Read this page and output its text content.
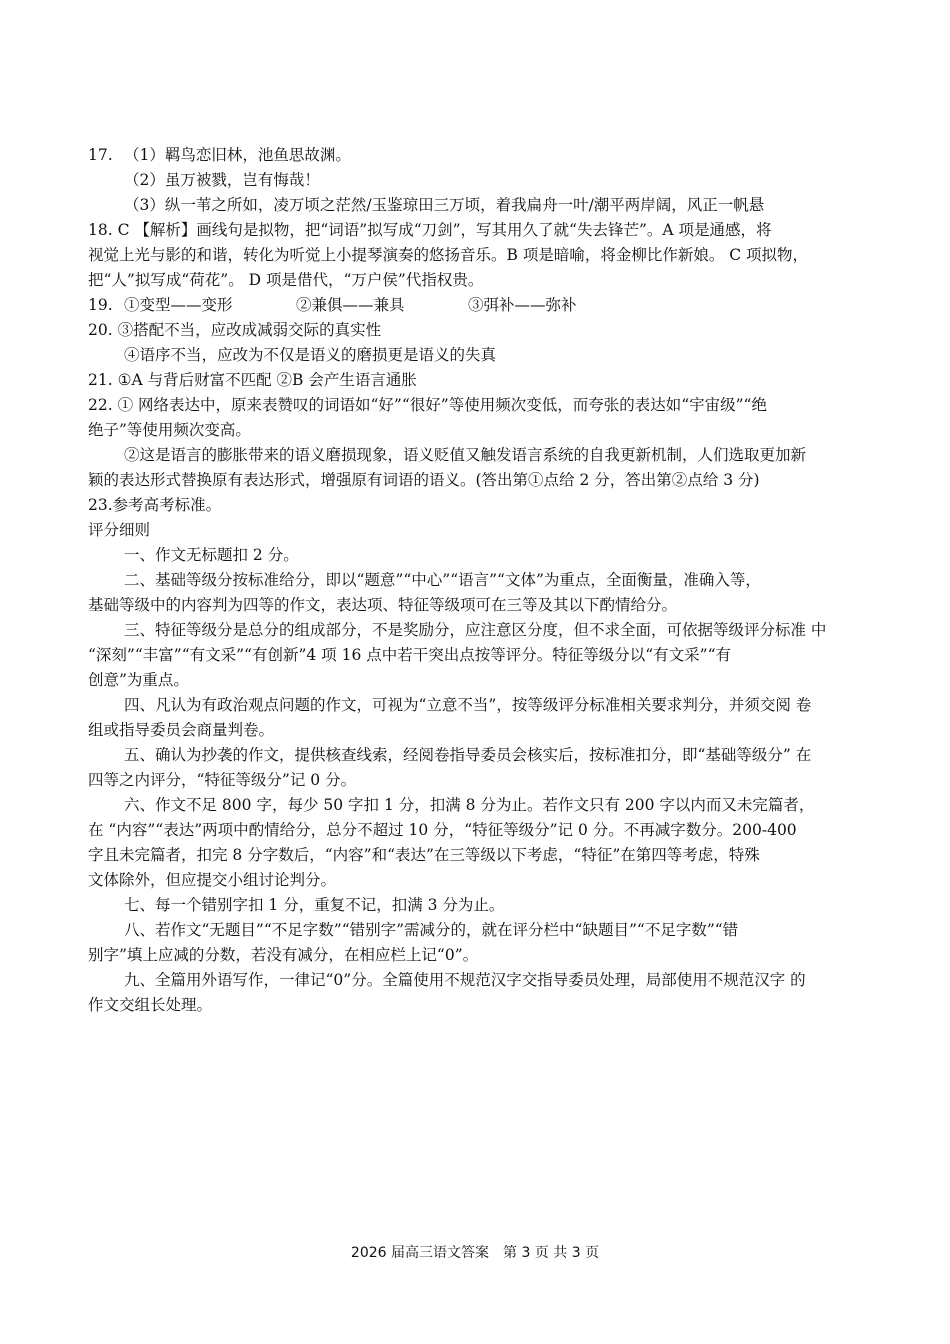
17. （1）羁鸟恋旧林，池鱼思故渊。

（2）虽万被戮，岂有悔哉！

（3）纵一苇之所如，凌万顷之茫然/玉鉴琼田三万顷，着我扁舟一叶/潮平两岸阔，风正一帆悬

18. C 【解析】画线句是拟物，把“词语”拟写成“刀剑”，写其用久了就“失去锋芒”。A 项是通感，将

视觉上光与影的和谐，转化为听觉上小提琴演奏的悠扬音乐。B 项是暗喻，将金柳比作新娘。 C 项拟物，

把“人”拟写成“荷花”。 D 项是借代，“万户侯”代指权贵。

19. ①变型——变形	②兼俱——兼具	③弭补——弥补

20. ③搭配不当，应改成减弱交际的真实性

④语序不当，应改为不仅是语义的磨损更是语义的失真

21. ①A 与背后财富不匹配 ②B 会产生语言通胀

22. ① 网络表达中，原来表赞叹的词语如“好”“很好”等使用频次变低，而夸张的表达如“宇宙级”“绝

绝子”等使用频次变高。

②这是语言的膨胀带来的语义磨损现象，语义贬值又触发语言系统的自我更新机制，人们选取更加新

颖的表达形式替换原有表达形式，增强原有词语的语义。(答出第①点给 2 分，答出第②点给 3 分)

23.参考高考标准。

评分细则

一、作文无标题扣 2 分。

二、基础等级分按标准给分，即以“题意”“中心”“语言”“文体”为重点，全面衡量，准确入等，

基础等级中的内容判为四等的作文，表达项、特征等级项可在三等及其以下酌情给分。

三、特征等级分是总分的组成部分，不是奖励分，应注意区分度，但不求全面，可依据等级评分标准 中

“深刻”“丰富”“有文采”“有创新”4 项 16 点中若干突出点按等评分。特征等级分以“有文采”“有

创意”为重点。

四、凡认为有政治观点问题的作文，可视为“立意不当”，按等级评分标准相关要求判分，并须交阅 卷

组或指导委员会商量判卷。

五、确认为抄袭的作文，提供核查线索，经阅卷指导委员会核实后，按标准扣分，即“基础等级分” 在

四等之内评分，“特征等级分”记 0 分。

六、作文不足 800 字，每少 50 字扣 1 分，扣满 8 分为止。若作文只有 200 字以内而又未完篇者，

在 “内容”“表达”两项中酌情给分，总分不超过 10 分，“特征等级分”记 0 分。不再减字数分。200-400

字且未完篇者，扣完 8 分字数后，“内容”和“表达”在三等级以下考虑，“特征”在第四等考虑，特殊

文体除外，但应提交小组讨论判分。

七、每一个错别字扣 1 分，重复不记，扣满 3 分为止。

八、若作文“无题目”“不足字数”“错别字”需减分的，就在评分栏中“缺题目”“不足字数”“错

别字”填上应减的分数，若没有减分，在相应栏上记“0”。

九、全篇用外语写作，一律记“0”分。全篇使用不规范汉字交指导委员处理，局部使用不规范汉字 的

作文交组长处理。

2026 届高三语文答案　第 3 页 共 3 页
